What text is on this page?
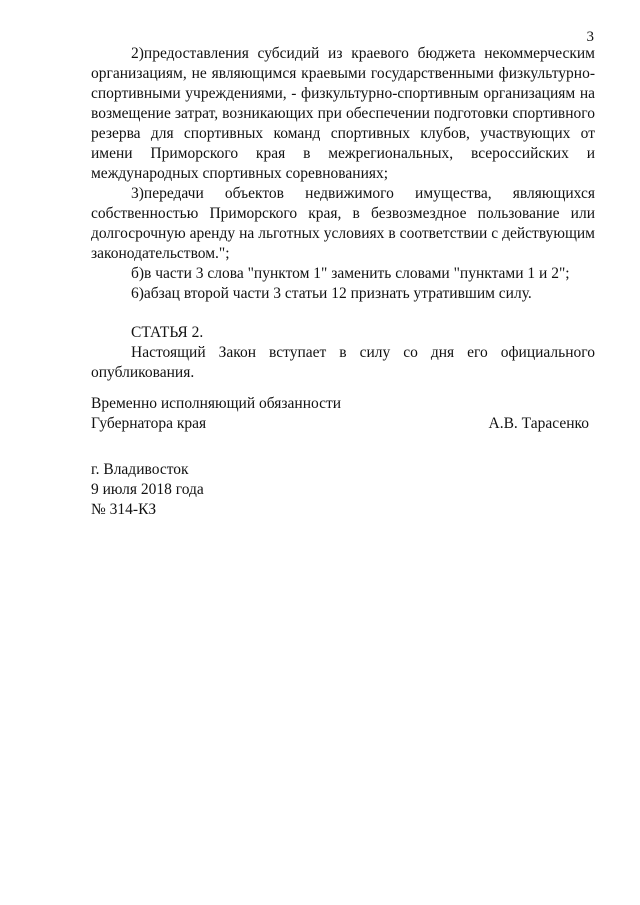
3

2)предоставления субсидий из краевого бюджета некоммерческим организациям, не являющимся краевыми государственными физкультурно-спортивными учреждениями, - физкультурно-спортивным организациям на возмещение затрат, возникающих при обеспечении подготовки спортивного резерва для спортивных команд спортивных клубов, участвующих от имени Приморского края в межрегиональных, всероссийских и международных спортивных соревнованиях;

3)передачи объектов недвижимого имущества, являющихся собственностью Приморского края, в безвозмездное пользование или долгосрочную аренду на льготных условиях в соответствии с действующим законодательством.";

б)в части 3 слова "пунктом 1" заменить словами "пунктами 1 и 2";

6)абзац второй части 3 статьи 12 признать утратившим силу.

СТАТЬЯ 2.

Настоящий Закон вступает в силу со дня его официального опубликования.

Временно исполняющий обязанности

Губернатора края	А.В. Тарасенко

г. Владивосток

9 июля 2018 года

№ 314-КЗ
